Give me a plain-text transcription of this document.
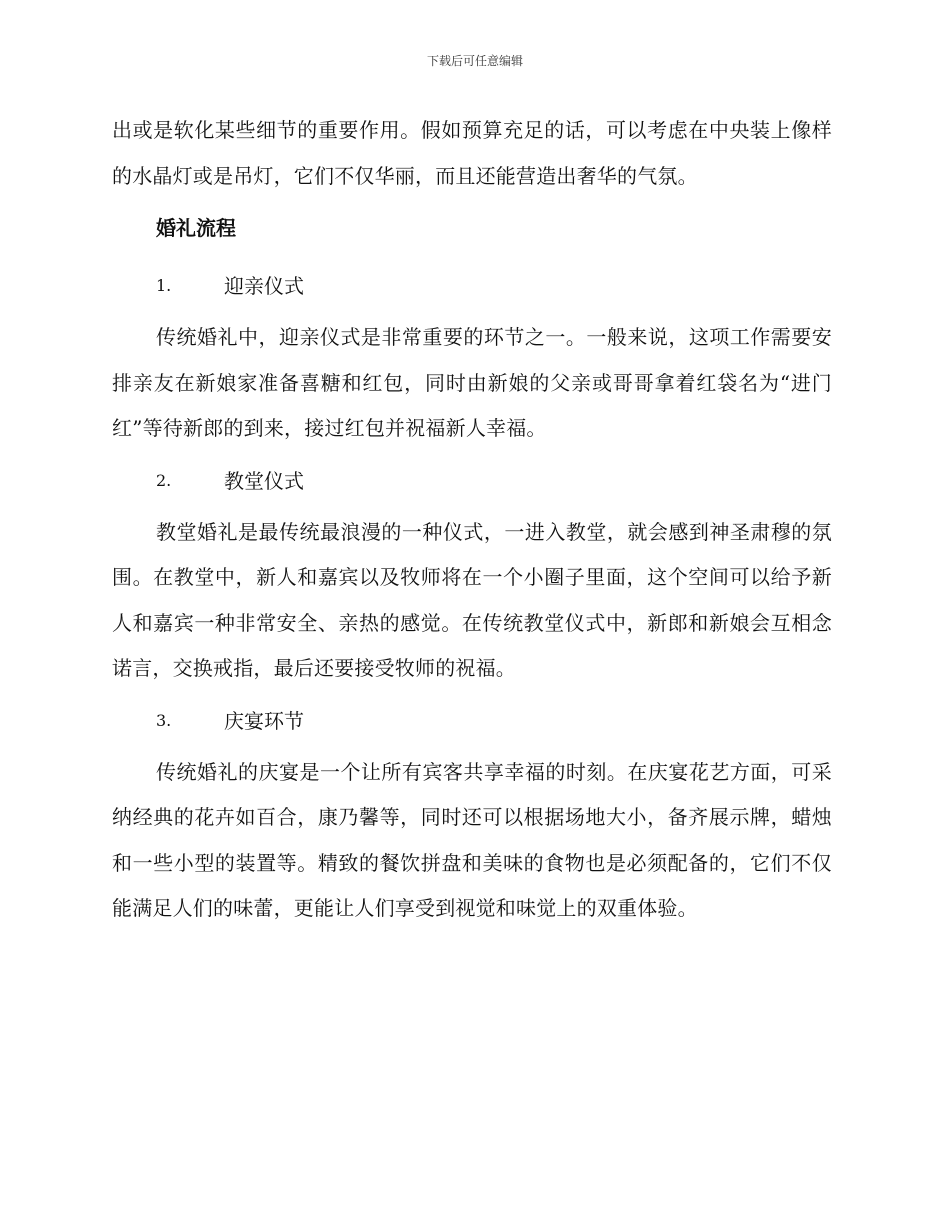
下载后可任意编辑

出或是软化某些细节的重要作用。假如预算充足的话，可以考虑在中央装上像样的水晶灯或是吊灯，它们不仅华丽，而且还能营造出奢华的气氛。

婚礼流程
1.	迎亲仪式

传统婚礼中，迎亲仪式是非常重要的环节之一。一般来说，这项工作需要安排亲友在新娘家准备喜糖和红包，同时由新娘的父亲或哥哥拿着红袋名为“进门红”等待新郎的到来，接过红包并祝福新人幸福。

2.	教堂仪式

教堂婚礼是最传统最浪漫的一种仪式，一进入教堂，就会感到神圣肃穆的氛围。在教堂中，新人和嘉宾以及牧师将在一个小圈子里面，这个空间可以给予新人和嘉宾一种非常安全、亲热的感觉。在传统教堂仪式中，新郎和新娘会互相念诺言，交换戒指，最后还要接受牧师的祝福。

3.	庆宴环节

传统婚礼的庆宴是一个让所有宾客共享幸福的时刻。在庆宴花艺方面，可采纳经典的花卉如百合，康乃馨等，同时还可以根据场地大小，备齐展示牌，蜡烛和一些小型的装置等。精致的餐饮拼盘和美味的食物也是必须配备的，它们不仅能满足人们的味蕾，更能让人们享受到视觉和味觉上的双重体验。
